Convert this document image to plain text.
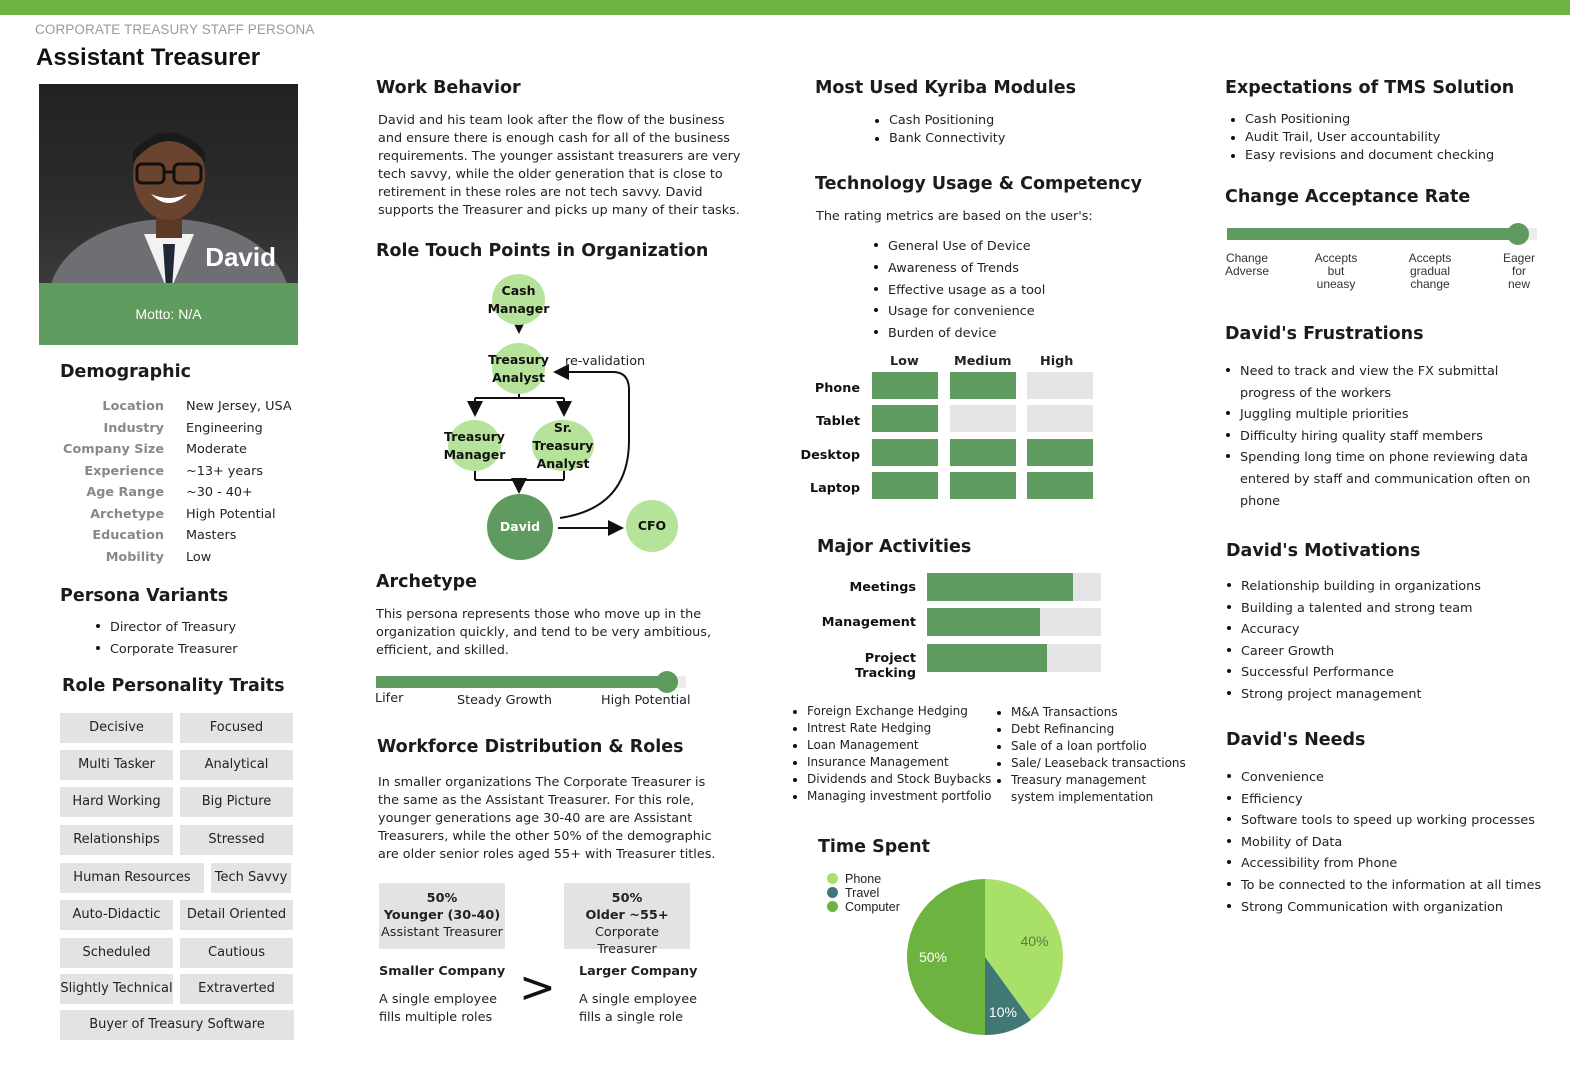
CORPORATE TREASURY STAFF PERSONA
Assistant Treasurer
David
Motto: N/A
Demographic
Location New Jersey, USA
Industry Engineering
Company Size Moderate
Experience ~13+ years
Age Range ~30 - 40+
Archetype High Potential
Education Masters
Mobility Low
Persona Variants
Director of Treasury
Corporate Treasurer
Role Personality Traits
Decisive	Focused
Multi Tasker	Analytical
Hard Working	Big Picture
Relationships	Stressed
Human Resources	Tech Savvy
Auto-Didactic	Detail Oriented
Scheduled	Cautious
Slightly Technical	Extraverted
Buyer of Treasury Software
Work Behavior
David and his team look after the flow of the business
and ensure there is enough cash for all of the business
requirements. The younger assistant treasurers are very
tech savvy, while the older generation that is close to
retirement in these roles are not tech savvy. David
supports the Treasurer and picks up many of their tasks.
Role Touch Points in Organization
Cash
Manager
Treasury
Analyst
re-validation
Treasury
Manager
Sr. Treasury
Analyst
David	CFO
Archetype
This persona represents those who move up in the
organization quickly, and tend to be very ambitious,
efficient, and skilled.
Lifer	Steady Growth	High Potential
Workforce Distribution & Roles
In smaller organizations The Corporate Treasurer is
the same as the Assistant Treasurer. For this role,
younger generations age 30-40 are are Assistant
Treasurers, while the other 50% of the demographic
are older senior roles aged 55+ with Treasurer titles.
50%
Younger (30-40)
Assistant Treasurer
50%
Older ~55+
Corporate Treasurer
Smaller Company
A single employee
fills multiple roles
> Larger Company
A single employee
fills a single role
Most Used Kyriba Modules
Cash Positioning
Bank Connectivity
Technology Usage & Competency
The rating metrics are based on the user's:
General Use of Device
Awareness of Trends
Effective usage as a tool
Usage for convenience
Burden of device
Low	Medium High
Phone
Tablet
Desktop
Laptop
Major Activities
Meetings
Management
Project Tracking
Foreign Exchange Hedging
Intrest Rate Hedging
Loan Management
Insurance Management
Dividends and Stock Buybacks
Managing investment portfolio
M&A Transactions
Debt Refinancing
Sale of a loan portfolio
Sale/ Leaseback transactions
Treasury management
system implementation
Time Spent
Phone
Travel
Computer
40%
10%
50%
Expectations of TMS Solution
Cash Positioning
Audit Trail, User accountability
Easy revisions and document checking
Change Acceptance Rate
Change
Adverse
Accepts
but
uneasy
Accepts
gradual
change
Eager
for
new
David's Frustrations
Need to track and view the FX submittal
progress of the workers
Juggling multiple priorities
Difficulty hiring quality staff members
Spending long time on phone reviewing data
entered by staff and communication often on
phone
David's Motivations
Relationship building in organizations
Building a talented and strong team
Accuracy
Career Growth
Successful Performance
Strong project management
David's Needs
Convenience
Efficiency
Software tools to speed up working processes
Mobility of Data
Accessibility from Phone
To be connected to the information at all times
Strong Communication with organization
